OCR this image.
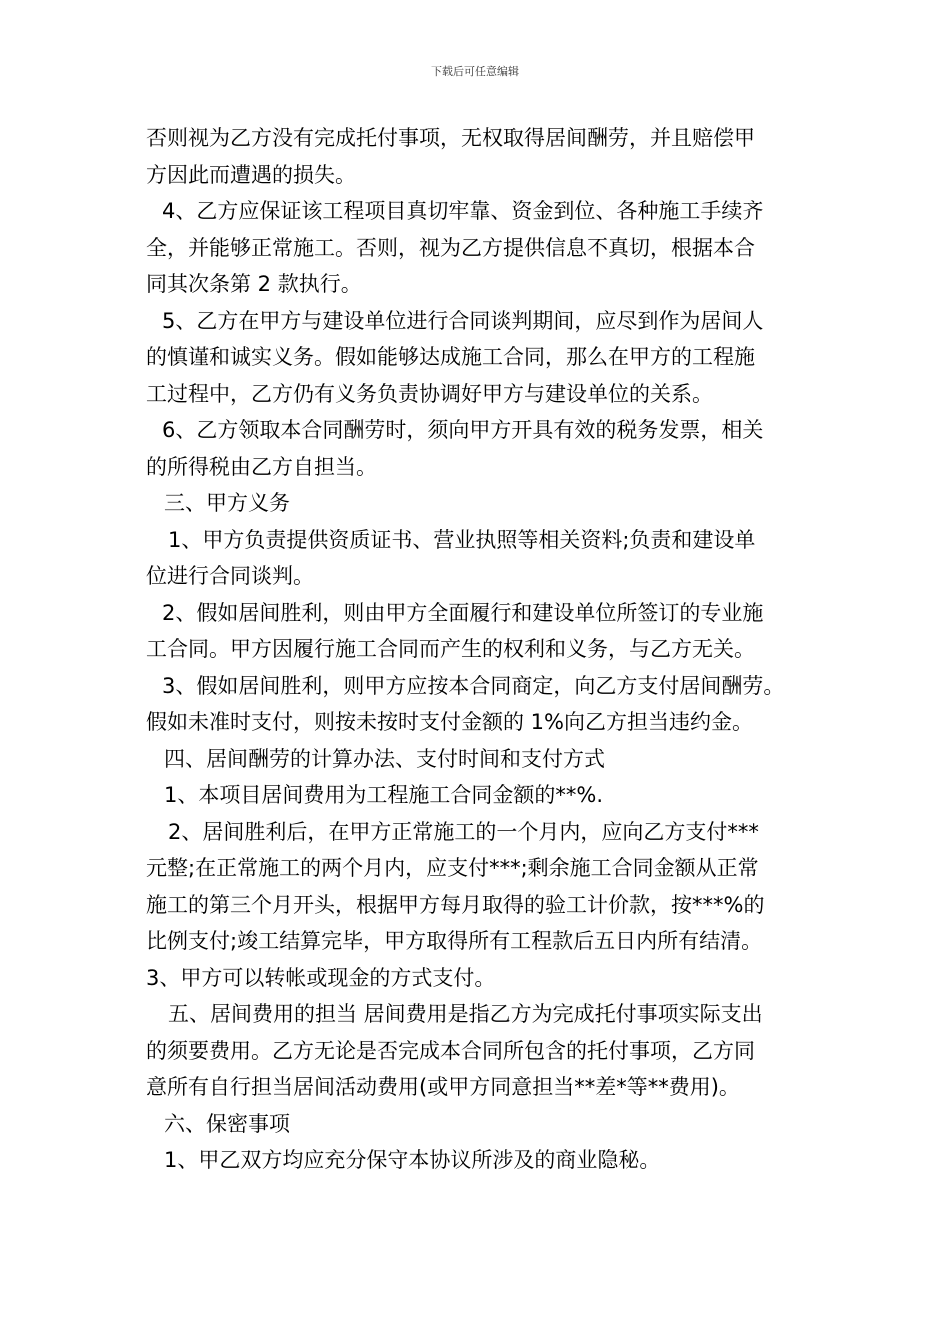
下载后可任意编辑

否则视为乙方没有完成托付事项，无权取得居间酬劳，并且赔偿甲

方因此而遭遇的损失。

4、乙方应保证该工程项目真切牢靠、资金到位、各种施工手续齐

全，并能够正常施工。否则，视为乙方提供信息不真切，根据本合

同其次条第 2 款执行。

5、乙方在甲方与建设单位进行合同谈判期间，应尽到作为居间人

的慎谨和诚实义务。假如能够达成施工合同，那么在甲方的工程施

工过程中，乙方仍有义务负责协调好甲方与建设单位的关系。

6、乙方领取本合同酬劳时，须向甲方开具有效的税务发票，相关

的所得税由乙方自担当。

三、甲方义务

1、甲方负责提供资质证书、营业执照等相关资料;负责和建设单

位进行合同谈判。

2、假如居间胜利，则由甲方全面履行和建设单位所签订的专业施

工合同。甲方因履行施工合同而产生的权利和义务，与乙方无关。

3、假如居间胜利，则甲方应按本合同商定，向乙方支付居间酬劳。

假如未准时支付，则按未按时支付金额的 1%向乙方担当违约金。

四、居间酬劳的计算办法、支付时间和支付方式

1、本项目居间费用为工程施工合同金额的**%.

2、居间胜利后，在甲方正常施工的一个月内，应向乙方支付***

元整;在正常施工的两个月内，应支付***;剩余施工合同金额从正常

施工的第三个月开头，根据甲方每月取得的验工计价款，按***%的

比例支付;竣工结算完毕，甲方取得所有工程款后五日内所有结清。

3、甲方可以转帐或现金的方式支付。

五、居间费用的担当 居间费用是指乙方为完成托付事项实际支出

的须要费用。乙方无论是否完成本合同所包含的托付事项，乙方同

意所有自行担当居间活动费用(或甲方同意担当**差*等**费用)。

六、保密事项

1、甲乙双方均应充分保守本协议所涉及的商业隐秘。
